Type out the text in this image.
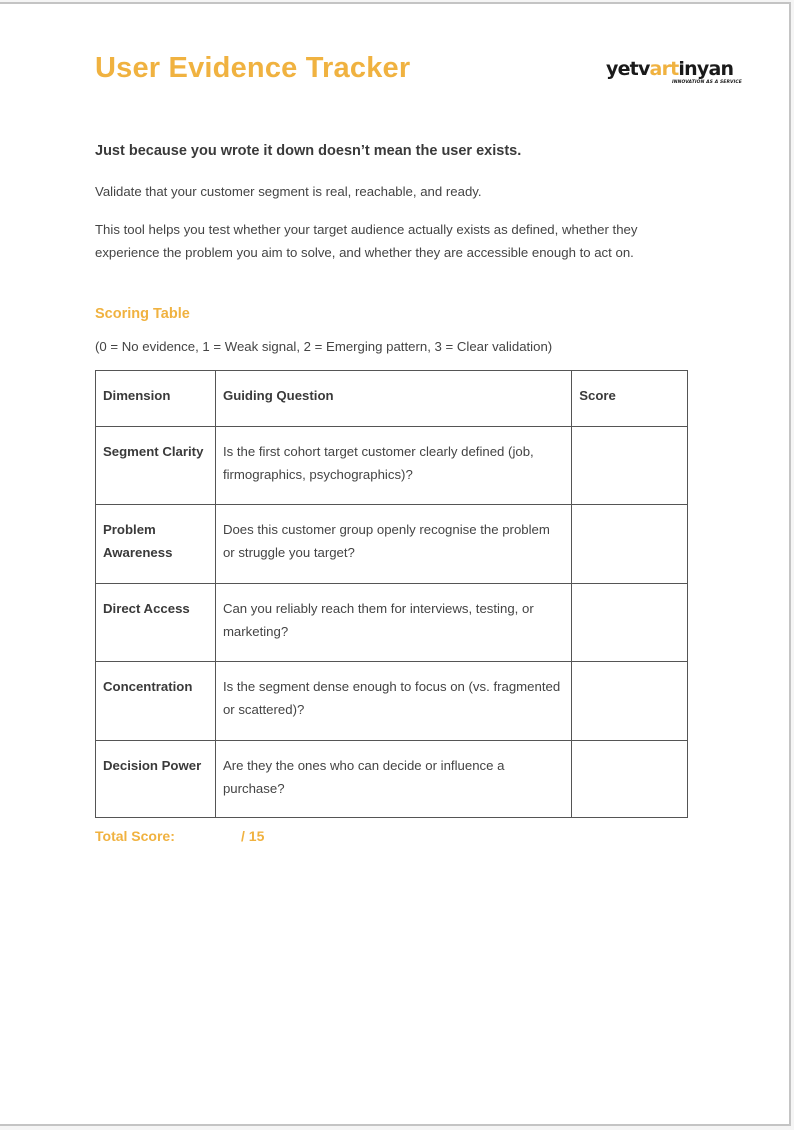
User Evidence Tracker	yetvartinyan
INNOVATION AS A SERVICE

Just because you wrote it down doesn’t mean the user exists.

Validate that your customer segment is real, reachable, and ready.

This tool helps you test whether your target audience actually exists as defined, whether they experience the problem you aim to solve, and whether they are accessible enough to act on.

Scoring Table

(0 = No evidence, 1 = Weak signal, 2 = Emerging pattern, 3 = Clear validation)

Dimension	Guiding Question	Score
Segment Clarity	Is the first cohort target customer clearly defined (job, firmographics, psychographics)?	
Problem Awareness	Does this customer group openly recognise the problem or struggle you target?	
Direct Access	Can you reliably reach them for interviews, testing, or marketing?	
Concentration	Is the segment dense enough to focus on (vs. fragmented or scattered)?	
Decision Power	Are they the ones who can decide or influence a purchase?	
Total Score:	/ 15
